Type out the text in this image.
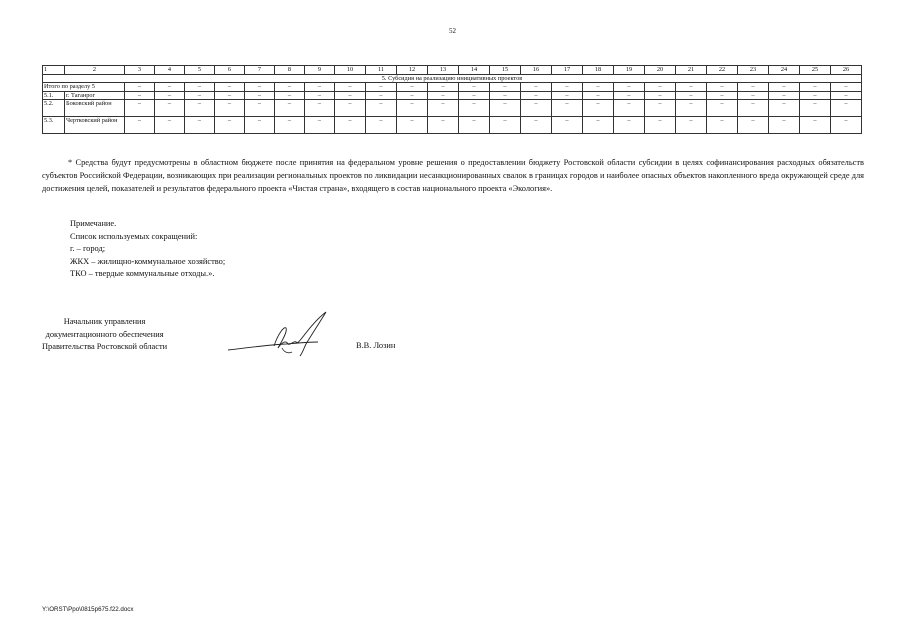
52
1	2	3	4	5	6	7	8	9	10	11	12	13	14	15	16	17	18	19	20	21	22	23	24	25	26
5. Субсидия на реализацию инициативных проектов																									
Итого по разделу 5		–	–	–	–	–	–	–	–	–	–	–	–	–	–	–	–	–	–	–	–	–	–	–	–
5.1.	г. Таганрог	–	–	–	–	–	–	–	–	–	–	–	–	–	–	–	–	–	–	–	–	–	–	–	–
5.2.	Боковский район	–	–	–	–	–	–	–	–	–	–	–	–	–	–	–	–	–	–	–	–	–	–	–	–
5.3.	Чертковский район	–	–	–	–	–	–	–	–	–	–	–	–	–	–	–	–	–	–	–	–	–	–	–	–

* Средства будут предусмотрены в областном бюджете после принятия на федеральном уровне решения о предоставлении бюджету Ростовской области субсидии в целях софинансирования расходных обязательств субъектов Российской Федерации, возникающих при реализации региональных проектов по ликвидации несанкционированных свалок в границах городов и наиболее опасных объектов накопленного вреда окружающей среде для достижения целей, показателей и результатов федерального проекта «Чистая страна», входящего в состав национального проекта «Экология».

Примечание.
Список используемых сокращений:
г. – город;
ЖКХ – жилищно-коммунальное хозяйство;
ТКО – твердые коммунальные отходы.».
Начальник управления
документационного обеспечения
Правительства Ростовской области	В.В. Лозин
Y:\ORST\Ppo\0815p675.f22.docx
